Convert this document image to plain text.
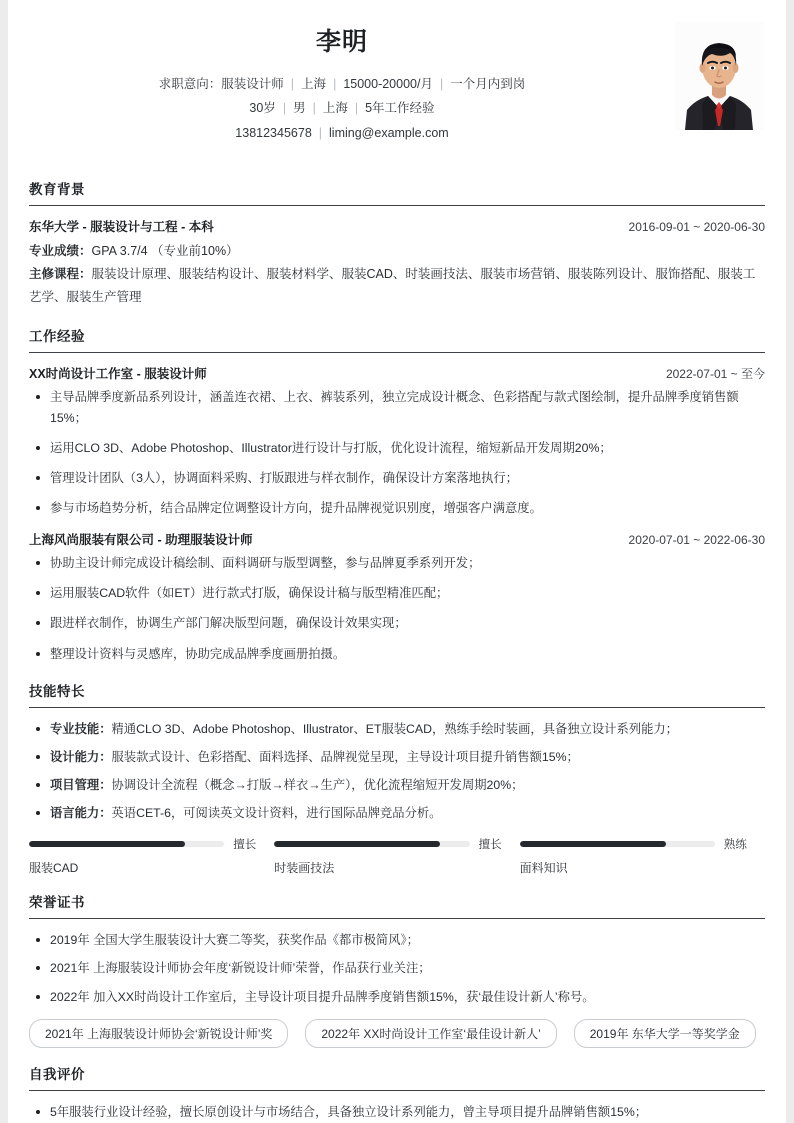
李明
求职意向：服装设计师 | 上海 | 15000-20000/月 | 一个月内到岗
30岁 | 男 | 上海 | 5年工作经验
13812345678 | liming@example.com
教育背景
东华大学 - 服装设计与工程 - 本科	2016-09-01 ~ 2020-06-30
专业成绩：GPA 3.7/4 （专业前10%）
主修课程：服装设计原理、服装结构设计、服装材料学、服装CAD、时装画技法、服装市场营销、服装陈列设计、服饰搭配、服装工艺学、服装生产管理
工作经验
XX时尚设计工作室 - 服装设计师	2022-07-01 ~ 至今
主导品牌季度新品系列设计，涵盖连衣裙、上衣、裤装系列，独立完成设计概念、色彩搭配与款式图绘制，提升品牌季度销售额15%；
运用CLO 3D、Adobe Photoshop、Illustrator进行设计与打版，优化设计流程，缩短新品开发周期20%；
管理设计团队（3人），协调面料采购、打版跟进与样衣制作，确保设计方案落地执行；
参与市场趋势分析，结合品牌定位调整设计方向，提升品牌视觉识别度，增强客户满意度。
上海风尚服装有限公司 - 助理服装设计师	2020-07-01 ~ 2022-06-30
协助主设计师完成设计稿绘制、面料调研与版型调整，参与品牌夏季系列开发；
运用服装CAD软件（如ET）进行款式打版，确保设计稿与版型精准匹配；
跟进样衣制作，协调生产部门解决版型问题，确保设计效果实现；
整理设计资料与灵感库，协助完成品牌季度画册拍摄。
技能特长
专业技能：精通CLO 3D、Adobe Photoshop、Illustrator、ET服装CAD，熟练手绘时装画，具备独立设计系列能力；
设计能力：服装款式设计、色彩搭配、面料选择、品牌视觉呈现，主导设计项目提升销售额15%；
项目管理：协调设计全流程（概念→打版→样衣→生产），优化流程缩短开发周期20%；
语言能力：英语CET-6，可阅读英文设计资料，进行国际品牌竞品分析。
擅长
服装CAD
擅长
时装画技法
熟练
面料知识
荣誉证书
2019年 全国大学生服装设计大赛二等奖，获奖作品《都市极简风》；
2021年 上海服装设计师协会年度‘新锐设计师’荣誉，作品获行业关注；
2022年 加入XX时尚设计工作室后，主导设计项目提升品牌季度销售额15%，获‘最佳设计新人’称号。
2021年 上海服装设计师协会‘新锐设计师’奖	2022年 XX时尚设计工作室‘最佳设计新人’	2019年 东华大学一等奖学金
自我评价
5年服装行业设计经验，擅长原创设计与市场结合，具备独立设计系列能力，曾主导项目提升品牌销售额15%；
